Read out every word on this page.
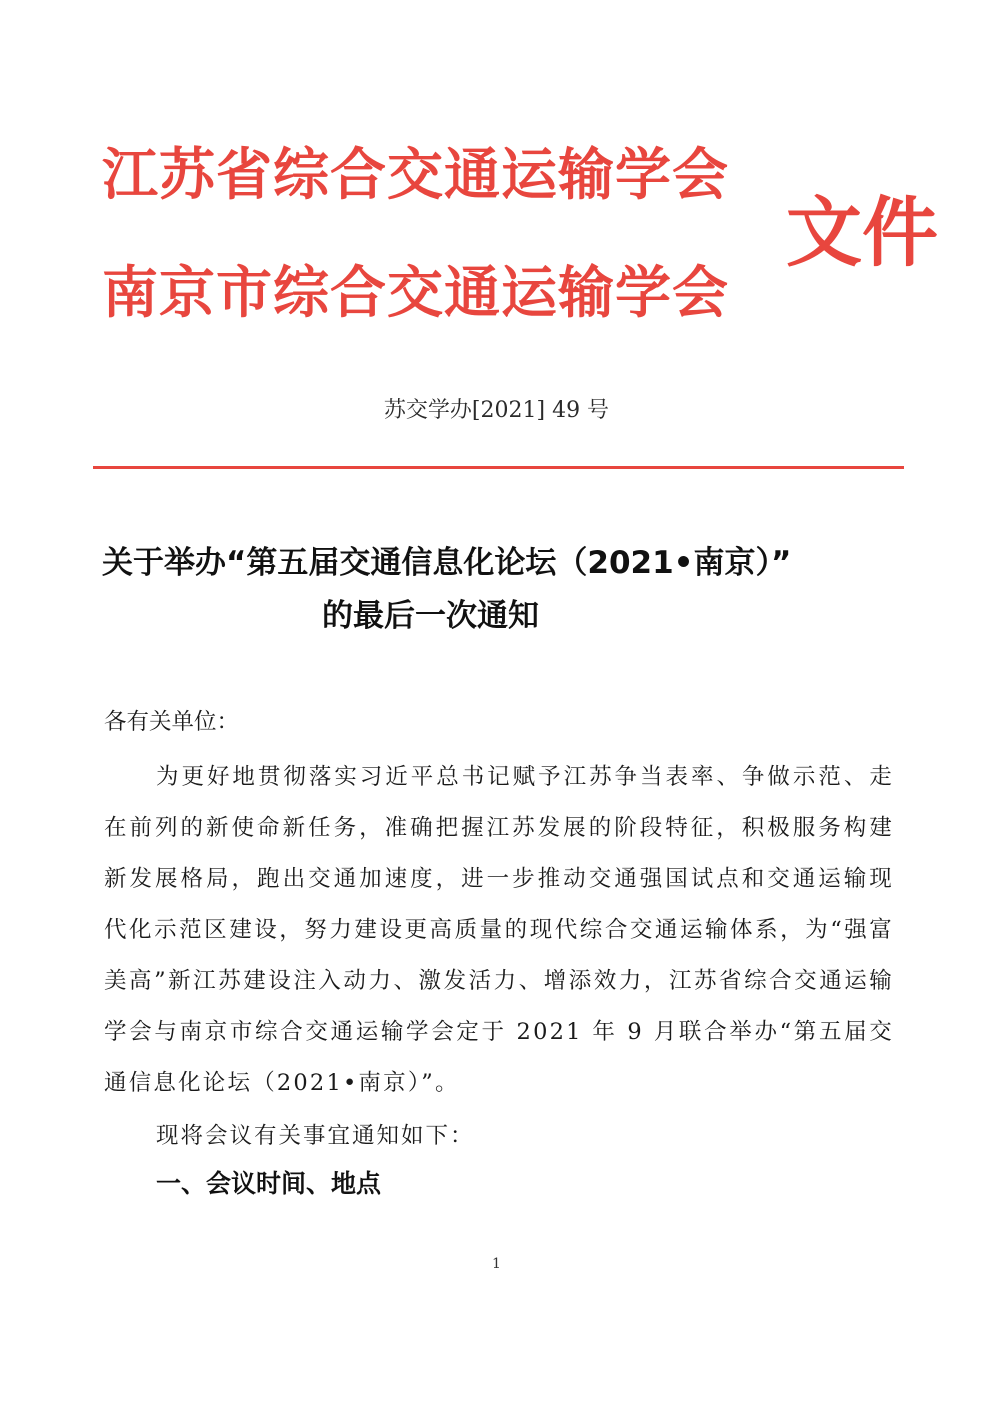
江苏省综合交通运输学会
南京市综合交通运输学会
文件
苏交学办[2021] 49 号
关于举办“第五届交通信息化论坛（2021•南京）”
的最后一次通知
各有关单位：
为更好地贯彻落实习近平总书记赋予江苏争当表率、争做示范、走在前列的新使命新任务，准确把握江苏发展的阶段特征，积极服务构建新发展格局，跑出交通加速度，进一步推动交通强国试点和交通运输现代化示范区建设，努力建设更高质量的现代综合交通运输体系，为“强富美高”新江苏建设注入动力、激发活力、增添效力，江苏省综合交通运输学会与南京市综合交通运输学会定于 2021 年 9 月联合举办“第五届交通信息化论坛（2021•南京）”。
现将会议有关事宜通知如下：
一、会议时间、地点
1
